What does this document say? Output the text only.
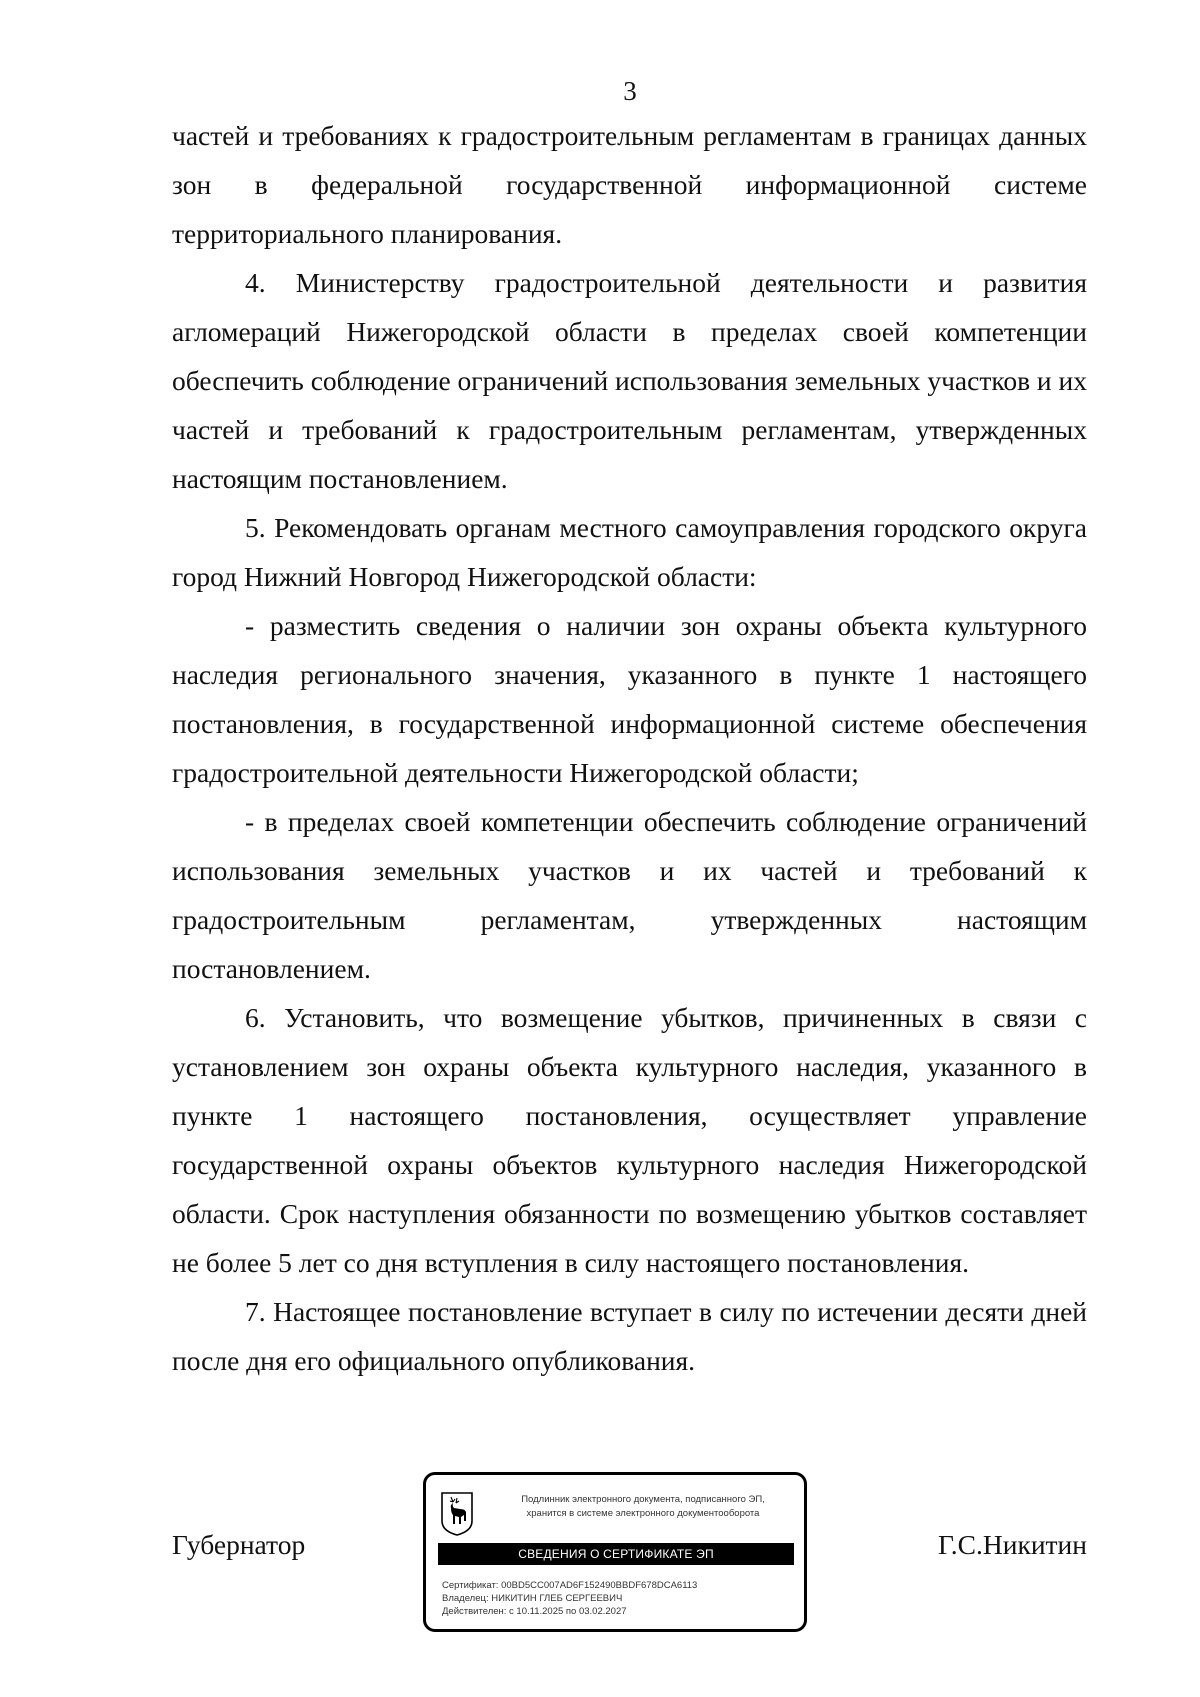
3

частей и требованиях к градостроительным регламентам в границах данных зон в федеральной государственной информационной системе территориального планирования.

4. Министерству градостроительной деятельности и развития агломераций Нижегородской области в пределах своей компетенции обеспечить соблюдение ограничений использования земельных участков и их частей и требований к градостроительным регламентам, утвержденных настоящим постановлением.

5. Рекомендовать органам местного самоуправления городского округа город Нижний Новгород Нижегородской области:

- разместить сведения о наличии зон охраны объекта культурного наследия регионального значения, указанного в пункте 1 настоящего постановления, в государственной информационной системе обеспечения градостроительной деятельности Нижегородской области;

- в пределах своей компетенции обеспечить соблюдение ограничений использования земельных участков и их частей и требований к градостроительным регламентам, утвержденных настоящим постановлением.

6. Установить, что возмещение убытков, причиненных в связи с установлением зон охраны объекта культурного наследия, указанного в пункте 1 настоящего постановления, осуществляет управление государственной охраны объектов культурного наследия Нижегородской области. Срок наступления обязанности по возмещению убытков составляет не более 5 лет со дня вступления в силу настоящего постановления.

7. Настоящее постановление вступает в силу по истечении десяти дней после дня его официального опубликования.

Губернатор	Г.С.Никитин
Подлинник электронного документа, подписанного ЭП,
хранится в системе электронного документооборота
СВЕДЕНИЯ О СЕРТИФИКАТЕ ЭП
Сертификат: 00BD5CC007AD6F152490BBDF678DCA6113
Владелец: НИКИТИН ГЛЕБ СЕРГЕЕВИЧ
Действителен: с 10.11.2025 по 03.02.2027
